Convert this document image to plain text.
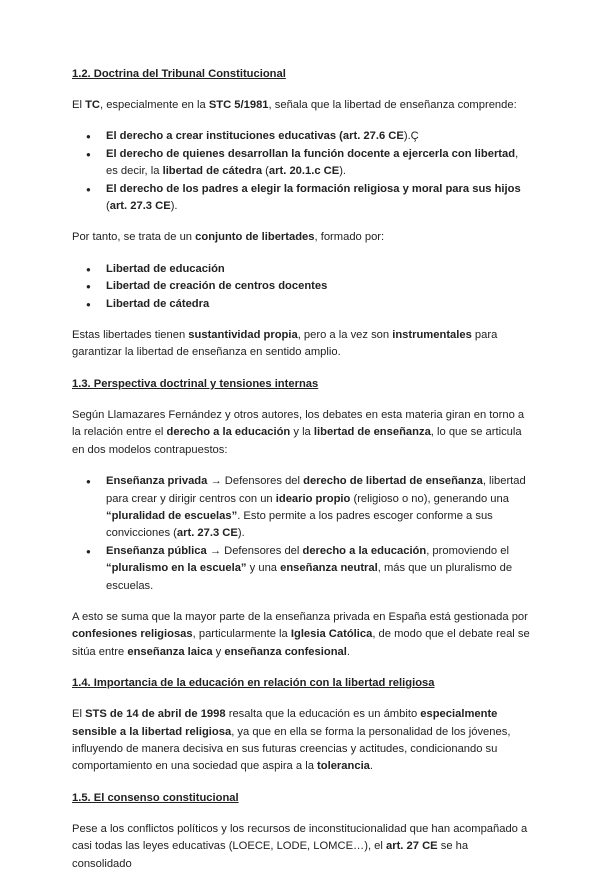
1.2. Doctrina del Tribunal Constitucional

El TC, especialmente en la STC 5/1981, señala que la libertad de enseñanza comprende:

● El derecho a crear instituciones educativas (art. 27.6 CE).Ç
● El derecho de quienes desarrollan la función docente a ejercerla con libertad, es decir, la libertad de cátedra (art. 20.1.c CE).
● El derecho de los padres a elegir la formación religiosa y moral para sus hijos (art. 27.3 CE).

Por tanto, se trata de un conjunto de libertades, formado por:

● Libertad de educación
● Libertad de creación de centros docentes
● Libertad de cátedra

Estas libertades tienen sustantividad propia, pero a la vez son instrumentales para garantizar la libertad de enseñanza en sentido amplio.

1.3. Perspectiva doctrinal y tensiones internas

Según Llamazares Fernández y otros autores, los debates en esta materia giran en torno a la relación entre el derecho a la educación y la libertad de enseñanza, lo que se articula en dos modelos contrapuestos:

● Enseñanza privada → Defensores del derecho de libertad de enseñanza, libertad para crear y dirigir centros con un ideario propio (religioso o no), generando una “pluralidad de escuelas”. Esto permite a los padres escoger conforme a sus convicciones (art. 27.3 CE).
● Enseñanza pública → Defensores del derecho a la educación, promoviendo el “pluralismo en la escuela” y una enseñanza neutral, más que un pluralismo de escuelas.

A esto se suma que la mayor parte de la enseñanza privada en España está gestionada por confesiones religiosas, particularmente la Iglesia Católica, de modo que el debate real se sitúa entre enseñanza laica y enseñanza confesional.

1.4. Importancia de la educación en relación con la libertad religiosa

El STS de 14 de abril de 1998 resalta que la educación es un ámbito especialmente sensible a la libertad religiosa, ya que en ella se forma la personalidad de los jóvenes, influyendo de manera decisiva en sus futuras creencias y actitudes, condicionando su comportamiento en una sociedad que aspira a la tolerancia.

1.5. El consenso constitucional

Pese a los conflictos políticos y los recursos de inconstitucionalidad que han acompañado a casi todas las leyes educativas (LOECE, LODE, LOMCE…), el art. 27 CE se ha consolidado
